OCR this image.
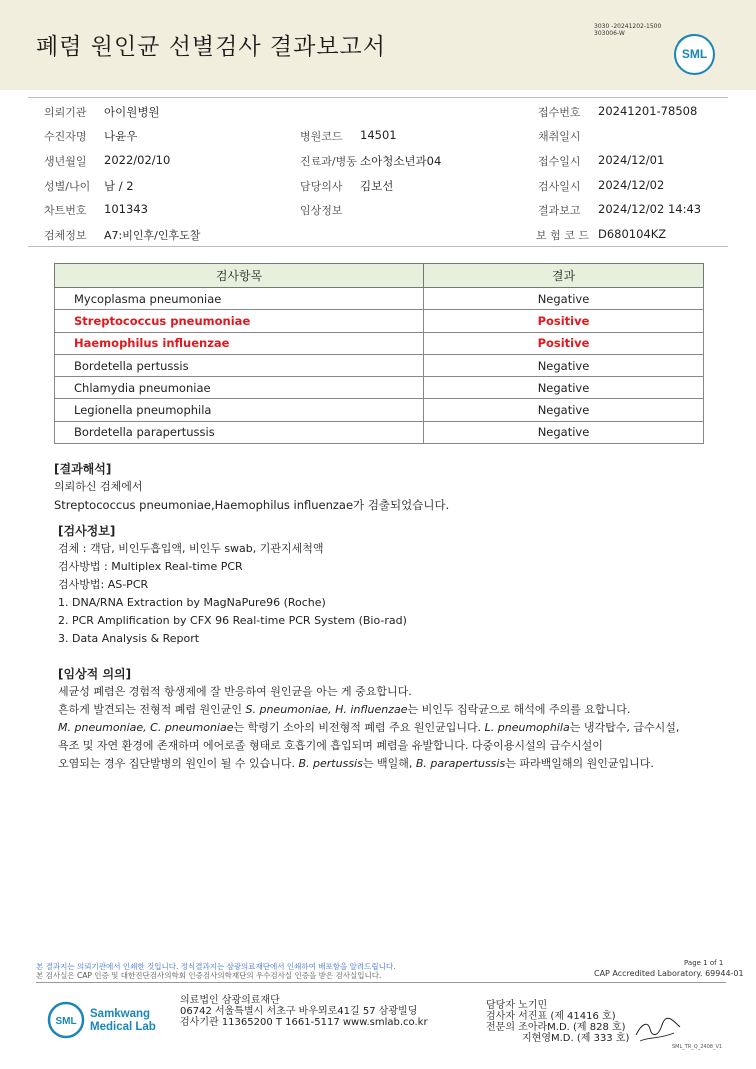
폐렴 원인균 선별검사 결과보고서
3030 -20241202-1500
303006-W
SML
의뢰기관 아이원병원	접수번호 20241201-78508
수진자명 나윤우	병원코드 14501	채취일시
생년월일 2022/02/10	진료과/병동 소아청소년과04	접수일시 2024/12/01
성별/나이 남 / 2	담당의사 김보선	검사일시 2024/12/02
차트번호 101343	임상정보	결과보고 2024/12/02 14:43
검체정보 A7:비인후/인후도찰	보 험 코 드 D680104KZ
검사항목	결과
Mycoplasma pneumoniae	Negative
Streptococcus pneumoniae	Positive
Haemophilus influenzae	Positive
Bordetella pertussis	Negative
Chlamydia pneumoniae	Negative
Legionella pneumophila	Negative
Bordetella parapertussis	Negative
[결과해석]
의뢰하신 검체에서
Streptococcus pneumoniae,Haemophilus influenzae가 검출되었습니다.
[검사정보]
검체 : 객담, 비인두흡입액, 비인두 swab, 기관지세척액
검사방법 : Multiplex Real-time PCR
검사방법: AS-PCR
1. DNA/RNA Extraction by MagNaPure96 (Roche)
2. PCR Amplification by CFX 96 Real-time PCR System (Bio-rad)
3. Data Analysis & Report
[임상적 의의]
세균성 폐렴은 경험적 항생제에 잘 반응하여 원인균을 아는 게 중요합니다.
흔하게 발견되는 전형적 폐렴 원인균인 S. pneumoniae, H. influenzae는 비인두 집락균으로 해석에 주의를 요합니다.
M. pneumoniae, C. pneumoniae는 학령기 소아의 비전형적 폐렴 주요 원인균입니다. L. pneumophila는 냉각탑수, 급수시설,
욕조 및 자연 환경에 존재하며 에어로졸 형태로 호흡기에 흡입되며 폐렴을 유발합니다. 다중이용시설의 급수시설이
오염되는 경우 집단발병의 원인이 될 수 있습니다. B. pertussis는 백일해, B. parapertussis는 파라백일해의 원인균입니다.
Page 1 of 1
본 결과지는 의뢰기관에서 인쇄한 것입니다. 정식결과지는 삼광의료재단에서 인쇄하여 배포함을 알려드립니다.
본 검사실은 CAP 인증 및 대한진단검사의학회 인증검사의학재단의 우수검사실 인증을 받은 검사실입니다.	CAP Accredited Laboratory. 69944-01
SML
Samkwang
Medical Lab
의료법인 삼광의료재단
06742 서울특별시 서초구 바우뫼로41길 57 삼광빌딩
검사기관 11365200 T 1661-5117 www.smlab.co.kr
담당자 노기민
검사자 서진표 (제 41416 호)
전문의 조아라M.D. (제 828 호)
지현영M.D. (제 333 호)
SML_TR_Q_2408_V1
